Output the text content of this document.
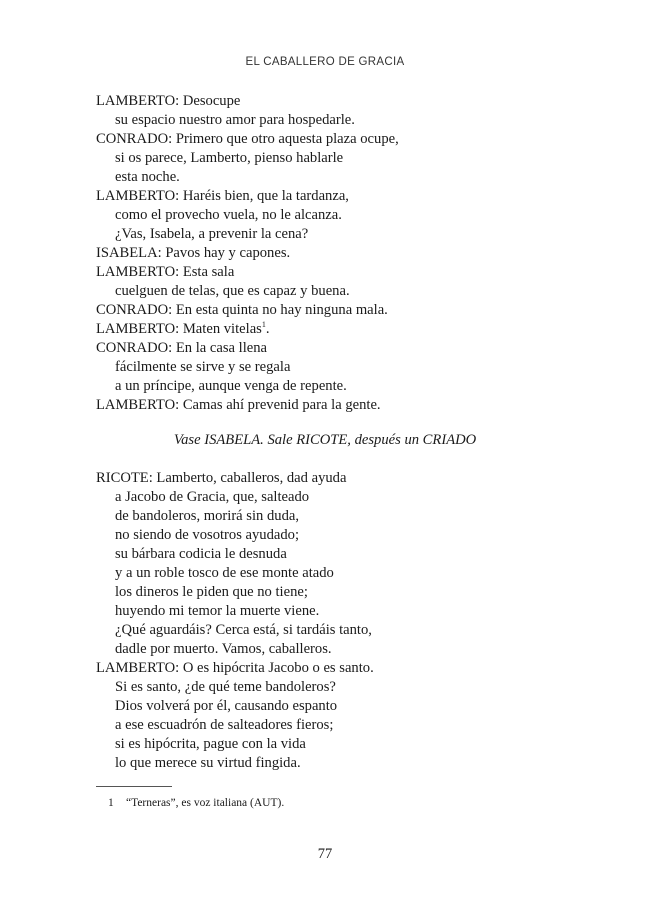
EL CABALLERO DE GRACIA
LAMBERTO: Desocupe
su espacio nuestro amor para hospedarle.
CONRADO: Primero que otro aquesta plaza ocupe,
si os parece, Lamberto, pienso hablarle
esta noche.
LAMBERTO: Haréis bien, que la tardanza,
como el provecho vuela, no le alcanza.
¿Vas, Isabela, a prevenir la cena?
ISABELA: Pavos hay y capones.
LAMBERTO: Esta sala
cuelguen de telas, que es capaz y buena.
CONRADO: En esta quinta no hay ninguna mala.
LAMBERTO: Maten vitelas$^1$.
CONRADO: En la casa llena
fácilmente se sirve y se regala
a un príncipe, aunque venga de repente.
LAMBERTO: Camas ahí prevenid para la gente.
Vase ISABELA. Sale RICOTE, después un CRIADO
RICOTE: Lamberto, caballeros, dad ayuda
a Jacobo de Gracia, que, salteado
de bandoleros, morirá sin duda,
no siendo de vosotros ayudado;
su bárbara codicia le desnuda
y a un roble tosco de ese monte atado
los dineros le piden que no tiene;
huyendo mi temor la muerte viene.
¿Qué aguardáis? Cerca está, si tardáis tanto,
dadle por muerto. Vamos, caballeros.
LAMBERTO: O es hipócrita Jacobo o es santo.
Si es santo, ¿de qué teme bandoleros?
Dios volverá por él, causando espanto
a ese escuadrón de salteadores fieros;
si es hipócrita, pague con la vida
lo que merece su virtud fingida.
1 “Terneras”, es voz italiana (AUT).
77
